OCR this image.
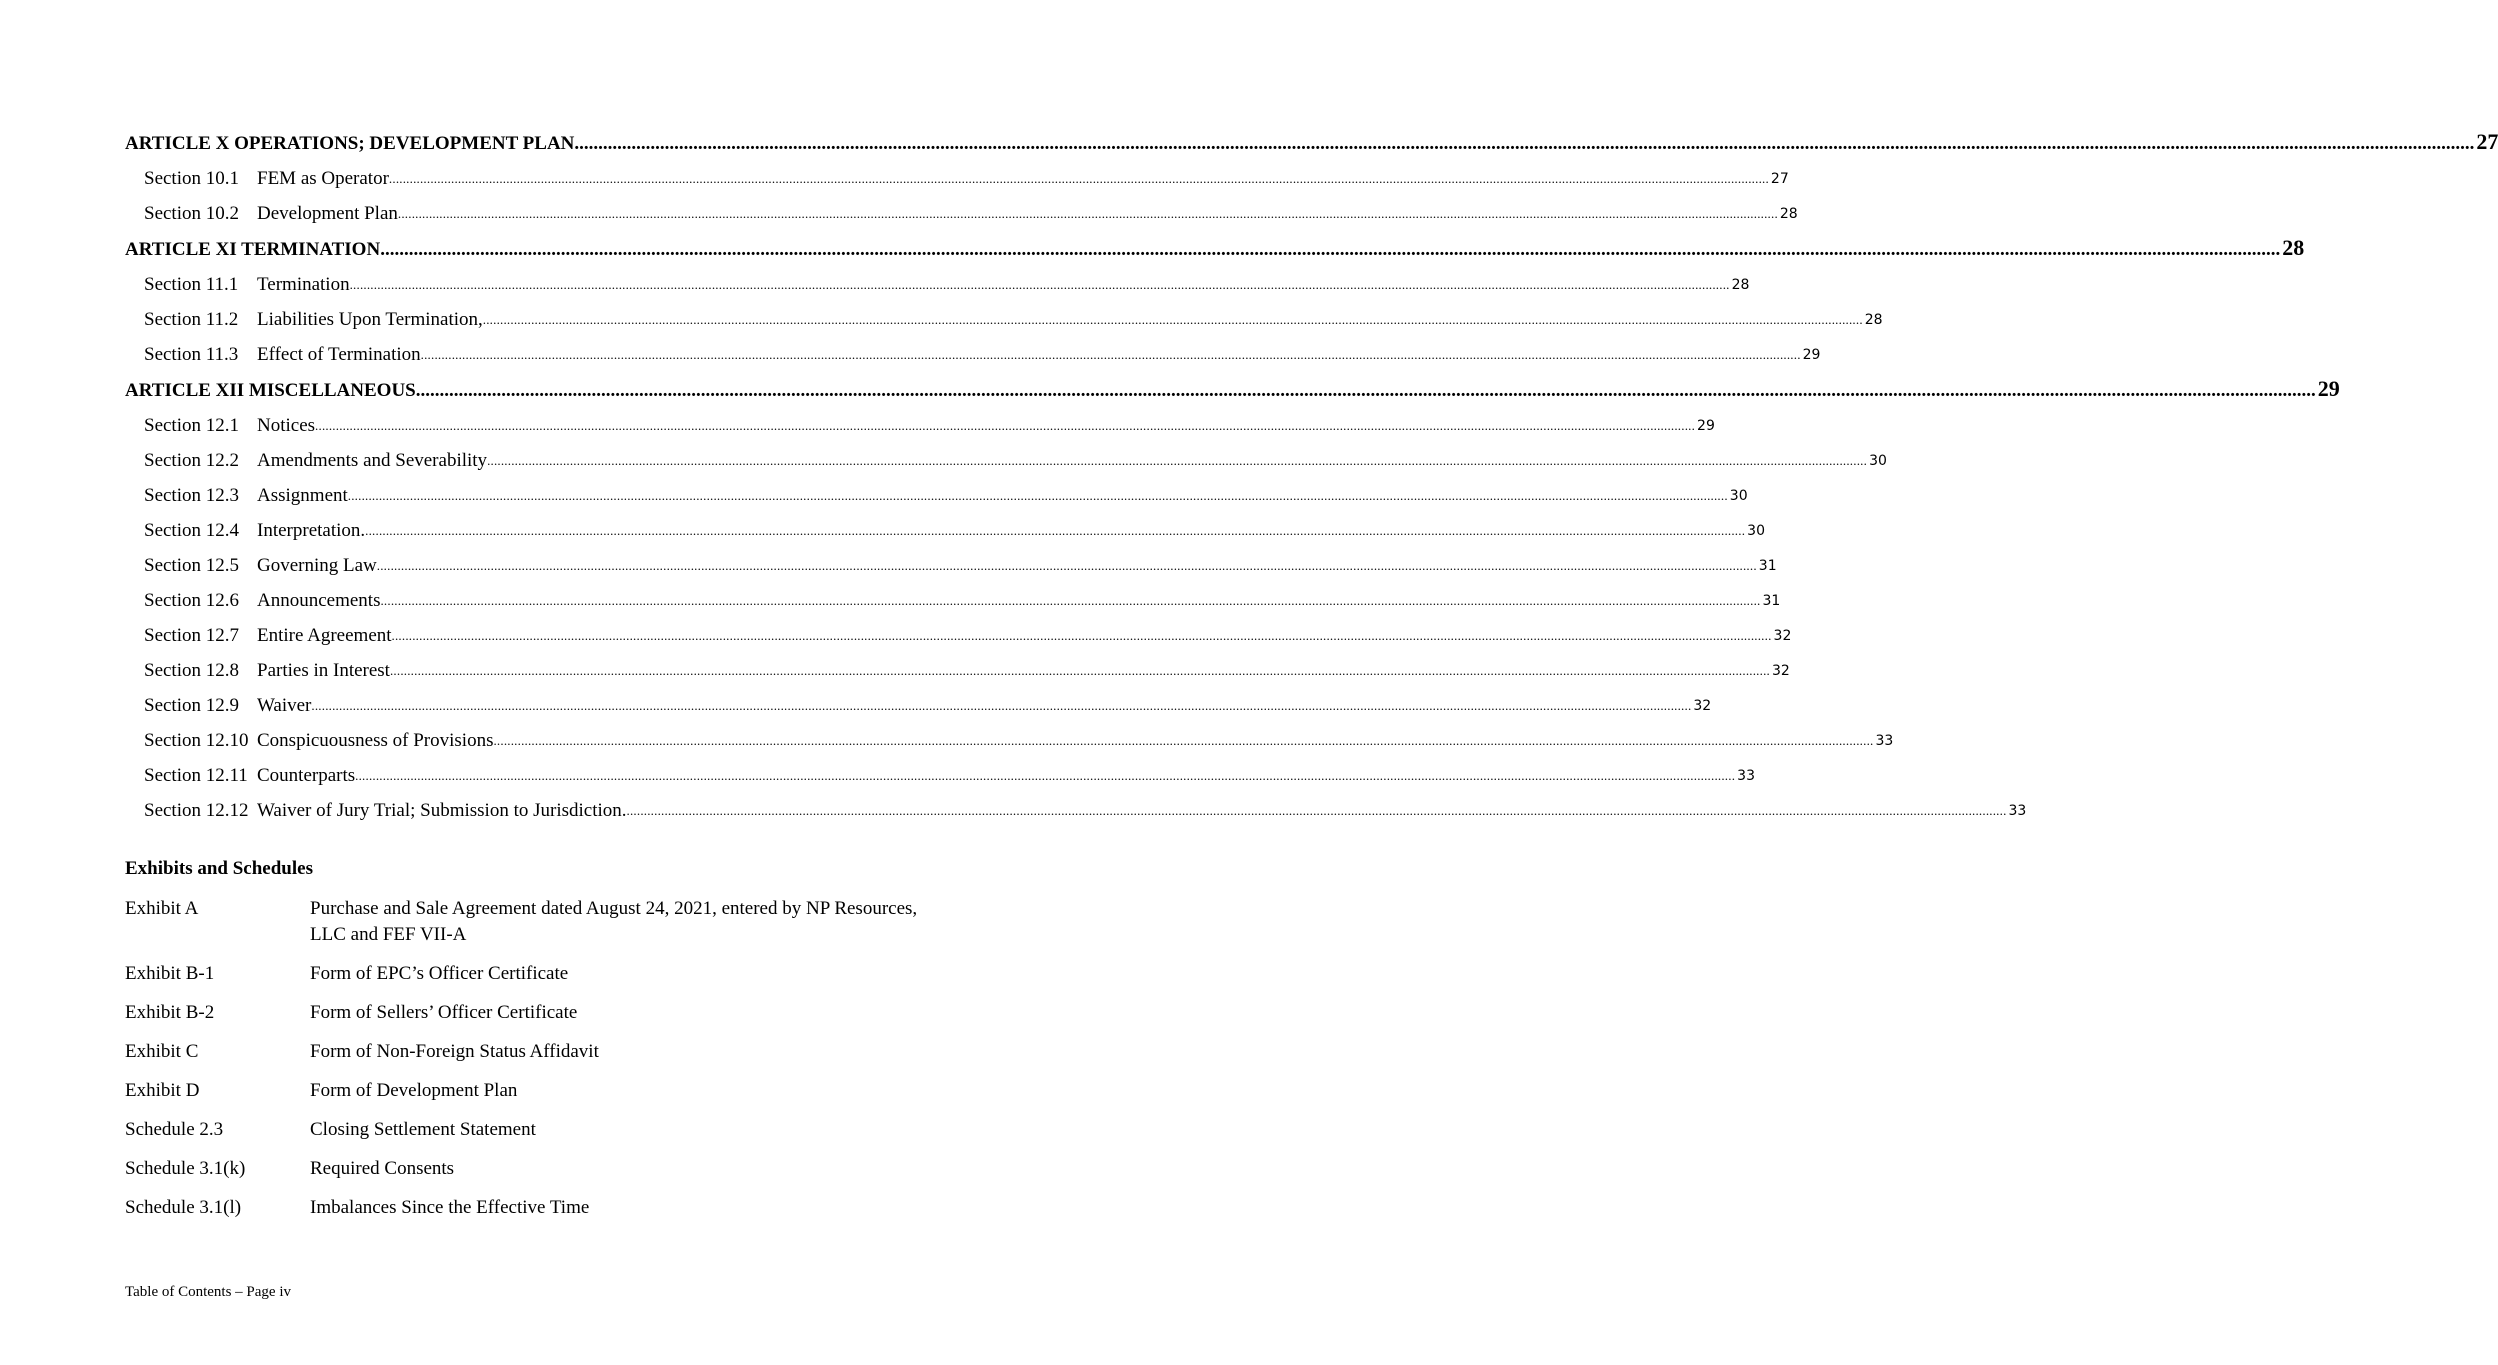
ARTICLE X OPERATIONS; DEVELOPMENT PLAN ................................................................................................................................................................................................................................................................................................................................................................................................................ 27
Section 10.1 FEM as Operator ................................................................................................................................................................................................................................................................................................................................................................................................................ 27
Section 10.2 Development Plan ................................................................................................................................................................................................................................................................................................................................................................................................................ 28
ARTICLE XI TERMINATION ................................................................................................................................................................................................................................................................................................................................................................................................................ 28
Section 11.1 Termination ................................................................................................................................................................................................................................................................................................................................................................................................................ 28
Section 11.2 Liabilities Upon Termination, ................................................................................................................................................................................................................................................................................................................................................................................................................ 28
Section 11.3 Effect of Termination ................................................................................................................................................................................................................................................................................................................................................................................................................ 29
ARTICLE XII MISCELLANEOUS ................................................................................................................................................................................................................................................................................................................................................................................................................ 29
Section 12.1 Notices ................................................................................................................................................................................................................................................................................................................................................................................................................ 29
Section 12.2 Amendments and Severability ................................................................................................................................................................................................................................................................................................................................................................................................................ 30
Section 12.3 Assignment ................................................................................................................................................................................................................................................................................................................................................................................................................ 30
Section 12.4 Interpretation. ................................................................................................................................................................................................................................................................................................................................................................................................................ 30
Section 12.5 Governing Law ................................................................................................................................................................................................................................................................................................................................................................................................................ 31
Section 12.6 Announcements ................................................................................................................................................................................................................................................................................................................................................................................................................ 31
Section 12.7 Entire Agreement ................................................................................................................................................................................................................................................................................................................................................................................................................ 32
Section 12.8 Parties in Interest ................................................................................................................................................................................................................................................................................................................................................................................................................ 32
Section 12.9 Waiver ................................................................................................................................................................................................................................................................................................................................................................................................................ 32
Section 12.10 Conspicuousness of Provisions ................................................................................................................................................................................................................................................................................................................................................................................................................ 33
Section 12.11 Counterparts ................................................................................................................................................................................................................................................................................................................................................................................................................ 33
Section 12.12 Waiver of Jury Trial; Submission to Jurisdiction. ................................................................................................................................................................................................................................................................................................................................................................................................................ 33
Exhibits and Schedules
Exhibit A	Purchase and Sale Agreement dated August 24, 2021, entered by NP Resources, LLC and FEF VII-A
Exhibit B-1	Form of EPC’s Officer Certificate
Exhibit B-2	Form of Sellers’ Officer Certificate
Exhibit C	Form of Non-Foreign Status Affidavit
Exhibit D	Form of Development Plan
Schedule 2.3	Closing Settlement Statement
Schedule 3.1(k)	Required Consents
Schedule 3.1(l)	Imbalances Since the Effective Time
Table of Contents – Page iv
